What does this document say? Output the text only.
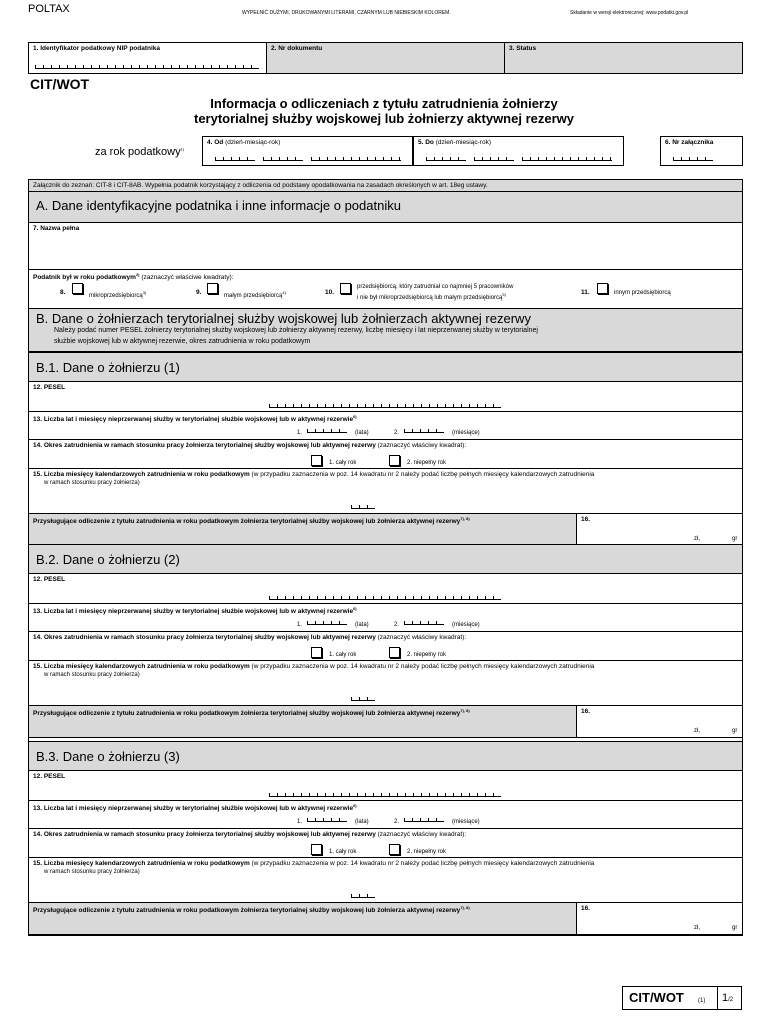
POLTAX	WYPEŁNIĆ DUŻYMI, DRUKOWANYMI LITERAMI, CZARNYM LUB NIEBIESKIM KOLOREM.	Składanie w wersji elektronicznej: www.podatki.gov.pl
1. Identyfikator podatkowy NIP podatnika	2. Nr dokumentu	3. Status
CIT/WOT
Informacja o odliczeniach z tytułu zatrudnienia żołnierzy
terytorialnej służby wojskowej lub żołnierzy aktywnej rezerwy
za rok podatkowy$^{1)}$
4. Od (dzień-miesiąc-rok)	5. Do (dzień-miesiąc-rok)	6. Nr załącznika
Załącznik do zeznań: CIT-8 i CIT-8AB. Wypełnia podatnik korzystający z odliczenia od podstawy opodatkowania na zasadach określonych w art. 18eg ustawy.
A. Dane identyfikacyjne podatnika i inne informacje o podatniku
7. Nazwa pełna
Podatnik był w roku podatkowym$^{2)}$ (zaznaczyć właściwe kwadraty):
8.	mikroprzedsiębiorcą$^{3)}$	9.	małym przedsiębiorcą$^{4)}$	10.
przedsiębiorcą, który zatrudniał co najmniej 5 pracowników
i nie był mikroprzedsiębiorcą lub małym przedsiębiorcą$^{5)}$	11.	innym przedsiębiorcą
B. Dane o żołnierzach terytorialnej służby wojskowej lub żołnierzach aktywnej rezerwy
Należy podać numer PESEL żołnierzy terytorialnej służby wojskowej lub żołnierzy aktywnej rezerwy, liczbę miesięcy i lat nieprzerwanej służby w terytorialnej
służbie wojskowej lub w aktywnej rezerwie, okres zatrudnienia w roku podatkowym
B.1. Dane o żołnierzu (1)
12. PESEL
13. Liczba lat i miesięcy nieprzerwanej służby w terytorialnej służbie wojskowej lub w aktywnej rezerwie$^{6)}$
1.	(lata)	2.	(miesiące)
14. Okres zatrudnienia w ramach stosunku pracy żołnierza terytorialnej służby wojskowej lub aktywnej rezerwy (zaznaczyć właściwy kwadrat):
1. cały rok	2. niepełny rok
15. Liczba miesięcy kalendarzowych zatrudnienia w roku podatkowym (w przypadku zaznaczenia w poz. 14 kwadratu nr 2 należy podać liczbę pełnych miesięcy kalendarzowych zatrudnienia
w ramach stosunku pracy żołnierza)
Przysługujące odliczenie z tytułu zatrudnienia w roku podatkowym żołnierza terytorialnej służby wojskowej lub żołnierza aktywnej rezerwy$^{7), 8)}$	16.
zł,	gr
B.2. Dane o żołnierzu (2)
12. PESEL
13. Liczba lat i miesięcy nieprzerwanej służby w terytorialnej służbie wojskowej lub w aktywnej rezerwie$^{6)}$
1.	(lata)	2.	(miesiące)
14. Okres zatrudnienia w ramach stosunku pracy żołnierza terytorialnej służby wojskowej lub aktywnej rezerwy (zaznaczyć właściwy kwadrat):
1. cały rok	2. niepełny rok
15. Liczba miesięcy kalendarzowych zatrudnienia w roku podatkowym (w przypadku zaznaczenia w poz. 14 kwadratu nr 2 należy podać liczbę pełnych miesięcy kalendarzowych zatrudnienia
w ramach stosunku pracy żołnierza)
Przysługujące odliczenie z tytułu zatrudnienia w roku podatkowym żołnierza terytorialnej służby wojskowej lub żołnierza aktywnej rezerwy$^{7), 8)}$	16.
zł,	gr
B.3. Dane o żołnierzu (3)
12. PESEL
13. Liczba lat i miesięcy nieprzerwanej służby w terytorialnej służbie wojskowej lub w aktywnej rezerwie$^{6)}$
1.	(lata)	2.	(miesiące)
14. Okres zatrudnienia w ramach stosunku pracy żołnierza terytorialnej służby wojskowej lub aktywnej rezerwy (zaznaczyć właściwy kwadrat):
1. cały rok	2. niepełny rok
15. Liczba miesięcy kalendarzowych zatrudnienia w roku podatkowym (w przypadku zaznaczenia w poz. 14 kwadratu nr 2 należy podać liczbę pełnych miesięcy kalendarzowych zatrudnienia
w ramach stosunku pracy żołnierza)
Przysługujące odliczenie z tytułu zatrudnienia w roku podatkowym żołnierza terytorialnej służby wojskowej lub żołnierza aktywnej rezerwy$^{7), 8)}$	16.
zł,	gr
CIT/WOT (1) 1/2
